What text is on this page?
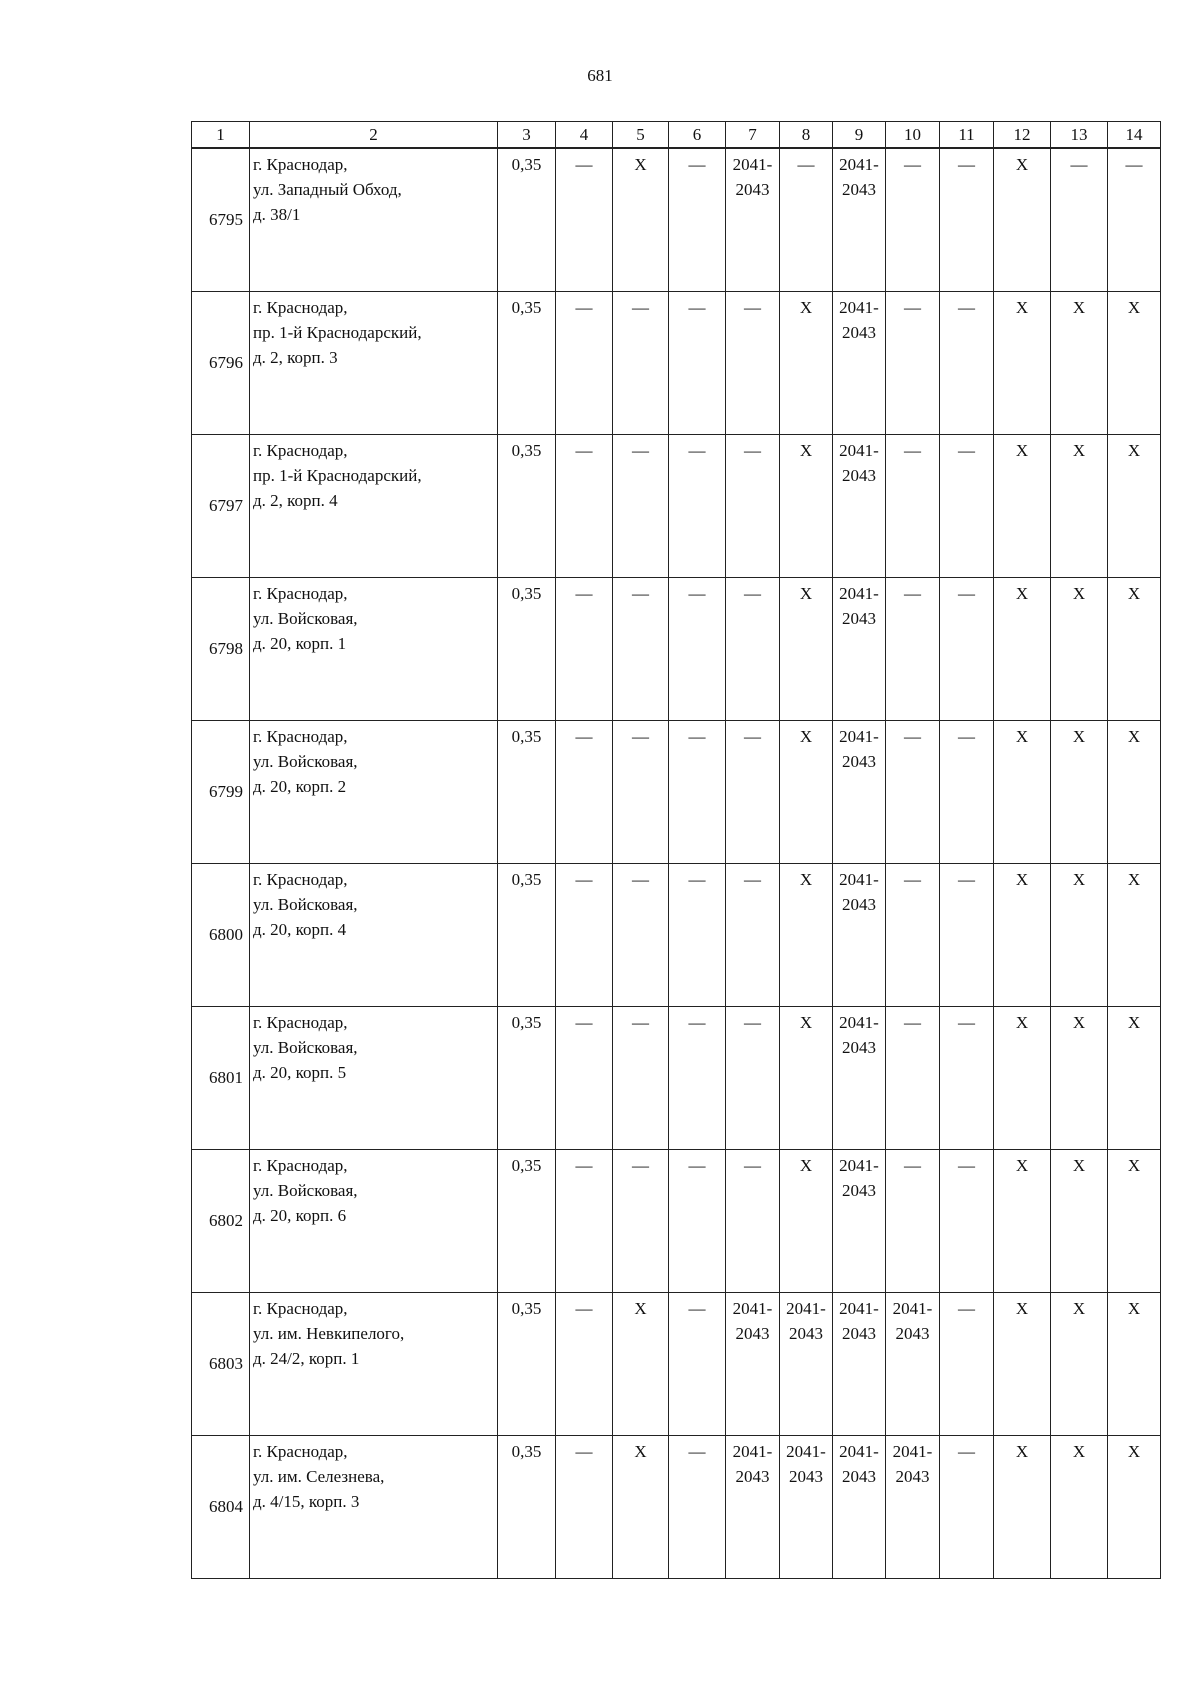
681
1	2	3	4	5	6	7	8	9	10	11	12	13	14
6795	г. Краснодар,
ул. Западный Обход,
д. 38/1	0,35	—	Х	—	2041-
2043	—	2041-
2043	—	—	Х	—	—

6796	г. Краснодар,
пр. 1-й Краснодарский,
д. 2, корп. 3	0,35	—	—	—	—	Х	2041-
2043	—	—	Х	Х	Х

6797	г. Краснодар,
пр. 1-й Краснодарский,
д. 2, корп. 4	0,35	—	—	—	—	Х	2041-
2043	—	—	Х	Х	Х

6798	г. Краснодар,
ул. Войсковая,
д. 20, корп. 1	0,35	—	—	—	—	Х	2041-
2043	—	—	Х	Х	Х

6799	г. Краснодар,
ул. Войсковая,
д. 20, корп. 2	0,35	—	—	—	—	Х	2041-
2043	—	—	Х	Х	Х

6800	г. Краснодар,
ул. Войсковая,
д. 20, корп. 4	0,35	—	—	—	—	Х	2041-
2043	—	—	Х	Х	Х

6801	г. Краснодар,
ул. Войсковая,
д. 20, корп. 5	0,35	—	—	—	—	Х	2041-
2043	—	—	Х	Х	Х

6802	г. Краснодар,
ул. Войсковая,
д. 20, корп. 6	0,35	—	—	—	—	Х	2041-
2043	—	—	Х	Х	Х

6803	г. Краснодар,
ул. им. Невкипелого,
д. 24/2, корп. 1	0,35	—	Х	—	2041-
2043	2041-
2043	2041-
2043	2041-
2043	—	Х	Х	Х

6804	г. Краснодар,
ул. им. Селезнева,
д. 4/15, корп. 3	0,35	—	Х	—	2041-
2043	2041-
2043	2041-
2043	2041-
2043	—	Х	Х	Х
